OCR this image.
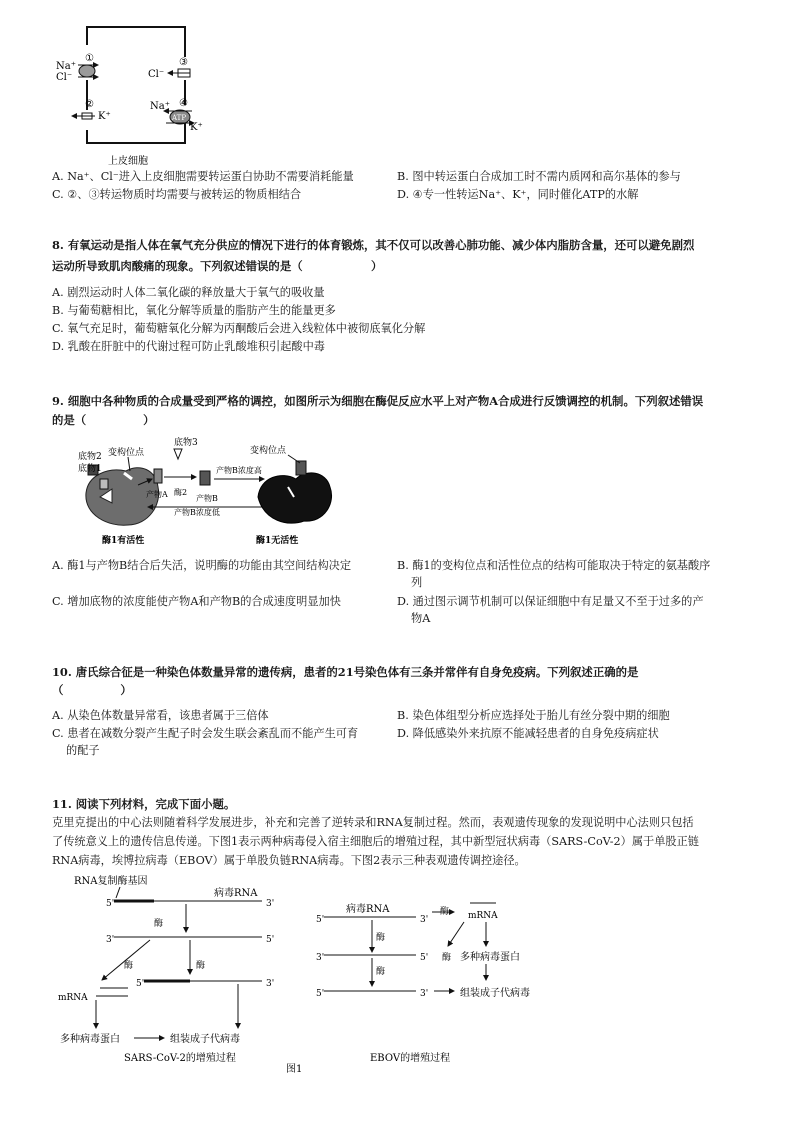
①
Na⁺
Cl⁻
②
K⁺
③
Cl⁻
ATP
④
Na⁺
K⁺
上皮细胞
A. Na⁺、Cl⁻进入上皮细胞需要转运蛋白协助不需要消耗能量	B. 图中转运蛋白合成加工时不需内质网和高尔基体的参与
C. ②、③转运物质时均需要与被转运的物质相结合	D. ④专一性转运Na⁺、K⁺，同时催化ATP的水解
8. 有氧运动是指人体在氧气充分供应的情况下进行的体育锻炼，其不仅可以改善心肺功能、减少体内脂肪含量，还可以避免剧烈
运动所导致肌肉酸痛的现象。下列叙述错误的是（　　　　　　）
A. 剧烈运动时人体二氧化碳的释放量大于氧气的吸收量
B. 与葡萄糖相比，氧化分解等质量的脂肪产生的能量更多
C. 氧气充足时，葡萄糖氧化分解为丙酮酸后会进入线粒体中被彻底氧化分解
D. 乳酸在肝脏中的代谢过程可防止乳酸堆积引起酸中毒
9. 细胞中各种物质的合成量受到严格的调控，如图所示为细胞在酶促反应水平上对产物A合成进行反馈调控的机制。下列叙述错误
的是（　　　　　）
底物2
底物1
变构位点
产物A
底物3
酶2
产物B
产物B浓度高
产物B浓度低
变构位点
酶1有活性	酶1无活性
A. 酶1与产物B结合后失活，说明酶的功能由其空间结构决定	B. 酶1的变构位点和活性位点的结构可能取决于特定的氨基酸序
列
C. 增加底物的浓度能使产物A和产物B的合成速度明显加快	D. 通过图示调节机制可以保证细胞中有足量又不至于过多的产
物A
10. 唐氏综合征是一种染色体数量异常的遗传病，患者的21号染色体有三条并常伴有自身免疫病。下列叙述正确的是
（　　　　　）
A. 从染色体数量异常看，该患者属于三倍体	B. 染色体组型分析应选择处于胎儿有丝分裂中期的细胞
C. 患者在减数分裂产生配子时会发生联会紊乱而不能产生可育
的配子
D. 降低感染外来抗原不能减轻患者的自身免疫病症状
11. 阅读下列材料，完成下面小题。
克里克提出的中心法则随着科学发展进步，补充和完善了逆转录和RNA复制过程。然而，表观遗传现象的发现说明中心法则只包括
了传统意义上的遗传信息传递。下图1表示两种病毒侵入宿主细胞后的增殖过程，其中新型冠状病毒（SARS-CoV-2）属于单股正链
RNA病毒，埃博拉病毒（EBOV）属于单股负链RNA病毒。下图2表示三种表观遗传调控途径。
RNA复制酶基因
病毒RNA
5'	3'
酶
3'	5'
酶	酶
5'	3'
mRNA
多种病毒蛋白	组装成子代病毒
SARS-CoV-2的增殖过程
病毒RNA
5'	3'
酶
3'	5'
酶
5'	3'
酶 mRNA
酶 多种病毒蛋白
组装成子代病毒
EBOV的增殖过程
图1
